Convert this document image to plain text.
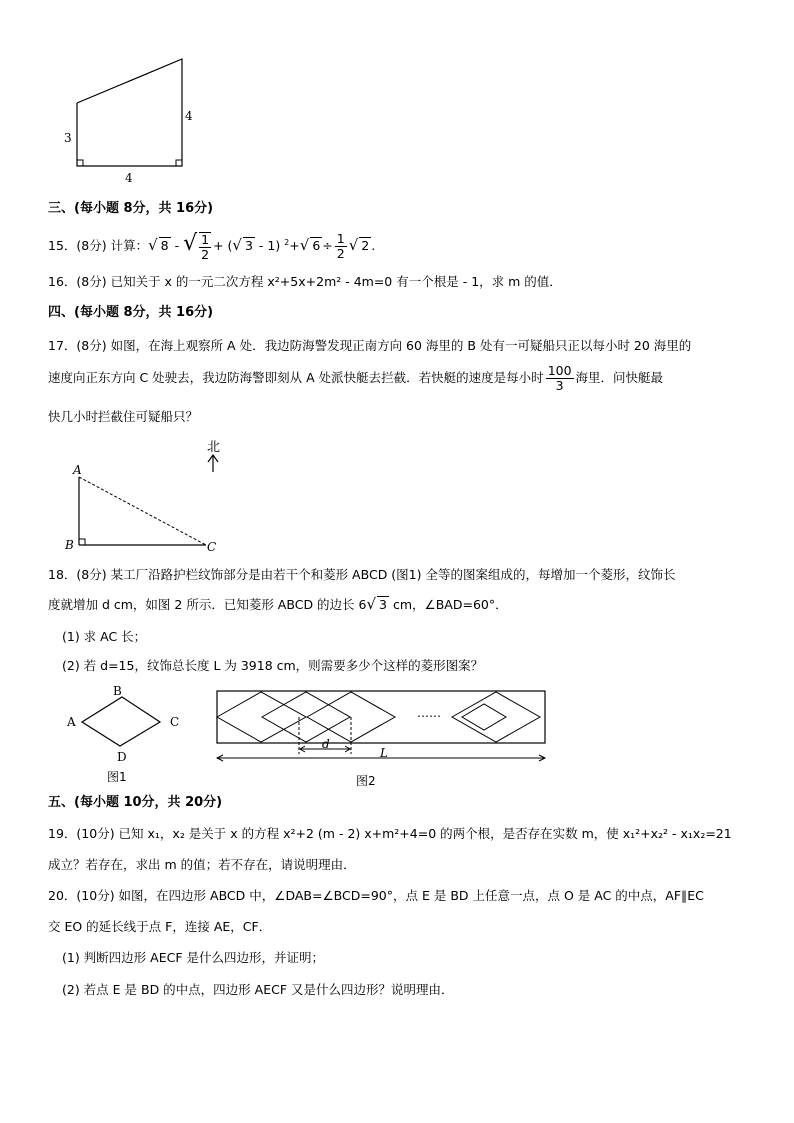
3
4
4
三、(每小题 8分，共 16分)
15．(8分) 计算：√ 8 - √ $\frac{1}{2}$ + (√ 3 - 1) $^2$+√ $6 \div \frac{1}{2}$ √ 2 .
16．(8分) 已知关于 x 的一元二次方程 x²+5x+2m² - 4m=0 有一个根是 - 1，求 m 的值．
四、(每小题 8分，共 16分)
17．(8分) 如图，在海上观察所 A 处．我边防海警发现正南方向 60 海里的 B 处有一可疑船只正以每小时 20 海里的
速度向正东方向 C 处驶去，我边防海警即刻从 A 处派快艇去拦截．若快艇的速度是每小时 $\frac{100}{3}$ 海里．问快艇最
快几小时拦截住可疑船只？
北
A
B	C
18．(8分) 某工厂沿路护栏纹饰部分是由若干个和菱形 ABCD (图1) 全等的图案组成的，每增加一个菱形，纹饰长
度就增加 d cm，如图 2 所示．已知菱形 ABCD 的边长 6√ 3 cm，∠BAD=60°．
(1) 求 AC 长；
(2) 若 d=15，纹饰总长度 L 为 3918 cm，则需要多少个这样的菱形图案？
A
B
C
D
图1
……
d
L
图2
五、(每小题 10分，共 20分)
19．(10分) 已知 x₁，x₂ 是关于 x 的方程 x²+2 (m - 2) x+m²+4=0 的两个根，是否存在实数 m，使 x₁²+x₂² - x₁x₂=21
成立？若存在，求出 m 的值；若不存在，请说明理由．
20．(10分) 如图，在四边形 ABCD 中，∠DAB=∠BCD=90°，点 E 是 BD 上任意一点，点 O 是 AC 的中点，AF∥EC
交 EO 的延长线于点 F，连接 AE，CF．
(1) 判断四边形 AECF 是什么四边形，并证明；
(2) 若点 E 是 BD 的中点，四边形 AECF 又是什么四边形？说明理由．
